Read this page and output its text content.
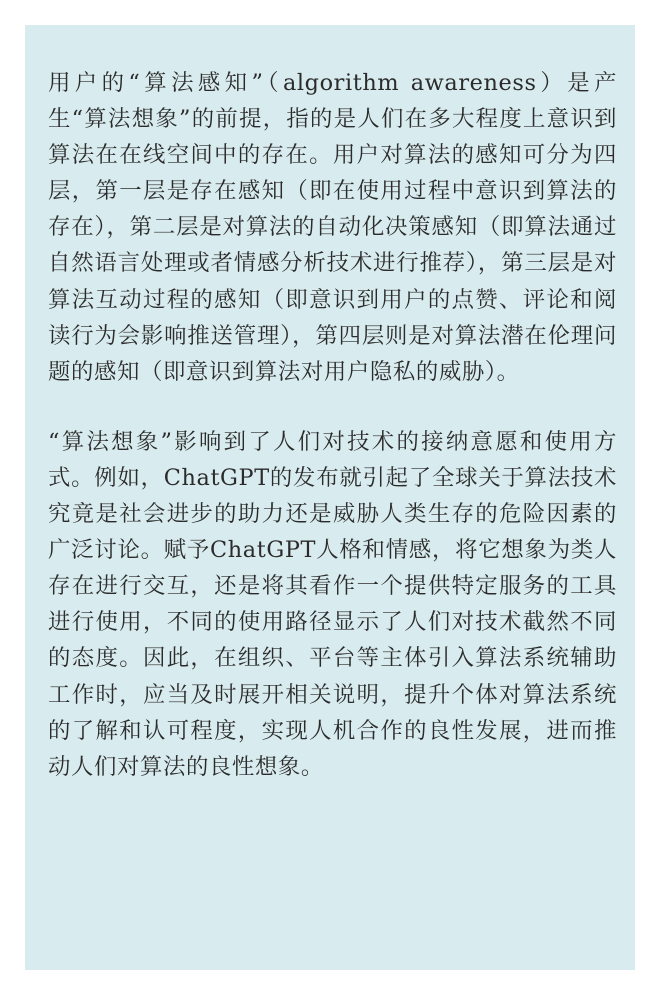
用户的“算法感知”（algorithm awareness）是产生“算法想象”的前提，指的是人们在多大程度上意识到算法在在线空间中的存在。用户对算法的感知可分为四层，第一层是存在感知（即在使用过程中意识到算法的存在），第二层是对算法的自动化决策感知（即算法通过自然语言处理或者情感分析技术进行推荐），第三层是对算法互动过程的感知（即意识到用户的点赞、评论和阅读行为会影响推送管理），第四层则是对算法潜在伦理问题的感知（即意识到算法对用户隐私的威胁）。

“算法想象”影响到了人们对技术的接纳意愿和使用方式。例如，ChatGPT的发布就引起了全球关于算法技术究竟是社会进步的助力还是威胁人类生存的危险因素的广泛讨论。赋予ChatGPT人格和情感，将它想象为类人存在进行交互，还是将其看作一个提供特定服务的工具进行使用，不同的使用路径显示了人们对技术截然不同的态度。因此，在组织、平台等主体引入算法系统辅助工作时，应当及时展开相关说明，提升个体对算法系统的了解和认可程度，实现人机合作的良性发展，进而推动人们对算法的良性想象。
